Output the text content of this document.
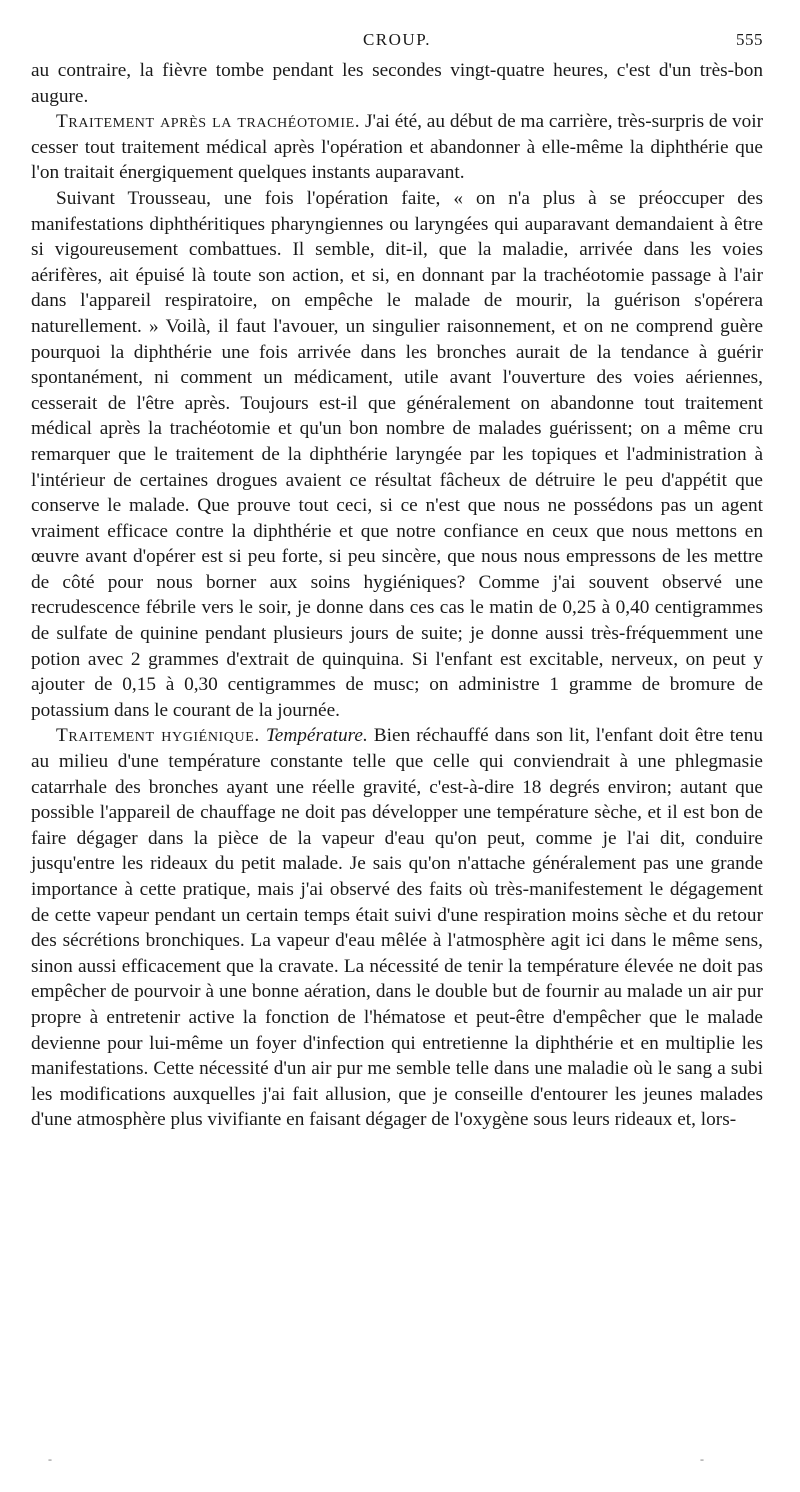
CROUP.	555

au contraire, la fièvre tombe pendant les secondes vingt-quatre heures, c'est d'un très-bon augure.

Traitement après la trachéotomie. J'ai été, au début de ma carrière, très-surpris de voir cesser tout traitement médical après l'opération et abandonner à elle-même la diphthérie que l'on traitait énergiquement quelques instants auparavant.

Suivant Trousseau, une fois l'opération faite, « on n'a plus à se préoccuper des manifestations diphthéritiques pharyngiennes ou laryngées qui auparavant demandaient à être si vigoureusement combattues. Il semble, dit-il, que la maladie, arrivée dans les voies aérifères, ait épuisé là toute son action, et si, en donnant par la trachéotomie passage à l'air dans l'appareil respiratoire, on empêche le malade de mourir, la guérison s'opérera naturellement. » Voilà, il faut l'avouer, un singulier raisonnement, et on ne comprend guère pourquoi la diphthérie une fois arrivée dans les bronches aurait de la tendance à guérir spontanément, ni comment un médicament, utile avant l'ouverture des voies aériennes, cesserait de l'être après. Toujours est-il que généralement on abandonne tout traitement médical après la trachéotomie et qu'un bon nombre de malades guérissent; on a même cru remarquer que le traitement de la diphthérie laryngée par les topiques et l'administration à l'intérieur de certaines drogues avaient ce résultat fâcheux de détruire le peu d'appétit que conserve le malade. Que prouve tout ceci, si ce n'est que nous ne possédons pas un agent vraiment efficace contre la diphthérie et que notre confiance en ceux que nous mettons en œuvre avant d'opérer est si peu forte, si peu sincère, que nous nous empressons de les mettre de côté pour nous borner aux soins hygiéniques? Comme j'ai souvent observé une recrudescence fébrile vers le soir, je donne dans ces cas le matin de 0,25 à 0,40 centigrammes de sulfate de quinine pendant plusieurs jours de suite; je donne aussi très-fréquemment une potion avec 2 grammes d'extrait de quinquina. Si l'enfant est excitable, nerveux, on peut y ajouter de 0,15 à 0,30 centigrammes de musc; on administre 1 gramme de bromure de potassium dans le courant de la journée.

Traitement hygiénique. Température. Bien réchauffé dans son lit, l'enfant doit être tenu au milieu d'une température constante telle que celle qui conviendrait à une phlegmasie catarrhale des bronches ayant une réelle gravité, c'est-à-dire 18 degrés environ; autant que possible l'appareil de chauffage ne doit pas développer une température sèche, et il est bon de faire dégager dans la pièce de la vapeur d'eau qu'on peut, comme je l'ai dit, conduire jusqu'entre les rideaux du petit malade. Je sais qu'on n'attache généralement pas une grande importance à cette pratique, mais j'ai observé des faits où très-manifestement le dégagement de cette vapeur pendant un certain temps était suivi d'une respiration moins sèche et du retour des sécrétions bronchiques. La vapeur d'eau mêlée à l'atmosphère agit ici dans le même sens, sinon aussi efficacement que la cravate. La nécessité de tenir la température élevée ne doit pas empêcher de pourvoir à une bonne aération, dans le double but de fournir au malade un air pur propre à entretenir active la fonction de l'hématose et peut-être d'empêcher que le malade devienne pour lui-même un foyer d'infection qui entretienne la diphthérie et en multiplie les manifestations. Cette nécessité d'un air pur me semble telle dans une maladie où le sang a subi les modifications auxquelles j'ai fait allusion, que je conseille d'entourer les jeunes malades d'une atmosphère plus vivifiante en faisant dégager de l'oxygène sous leurs rideaux et, lors-

-	-
